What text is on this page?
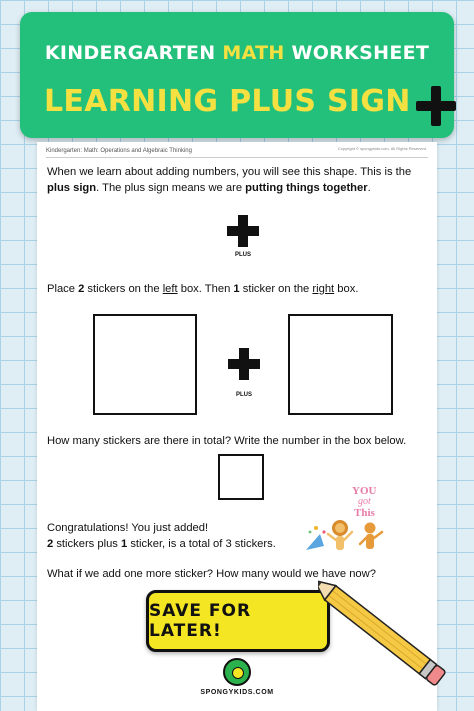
KINDERGARTEN MATH WORKSHEET
LEARNING PLUS SIGN
Kindergarten: Math: Operations and Algebraic Thinking	Copyright © spongykids.com. All Rights Reserved.
When we learn about adding numbers, you will see this shape. This is the plus sign. The plus sign means we are putting things together.
PLUS
Place 2 stickers on the left box. Then 1 sticker on the right box.
PLUS
How many stickers are there in total? Write the number in the box below.
Congratulations! You just added!
2 stickers plus 1 sticker, is a total of 3 stickers.
What if we add one more sticker? How many would we have now?
YOU
got
This
SAVE FOR LATER!
SPONGYKIDS.COM
